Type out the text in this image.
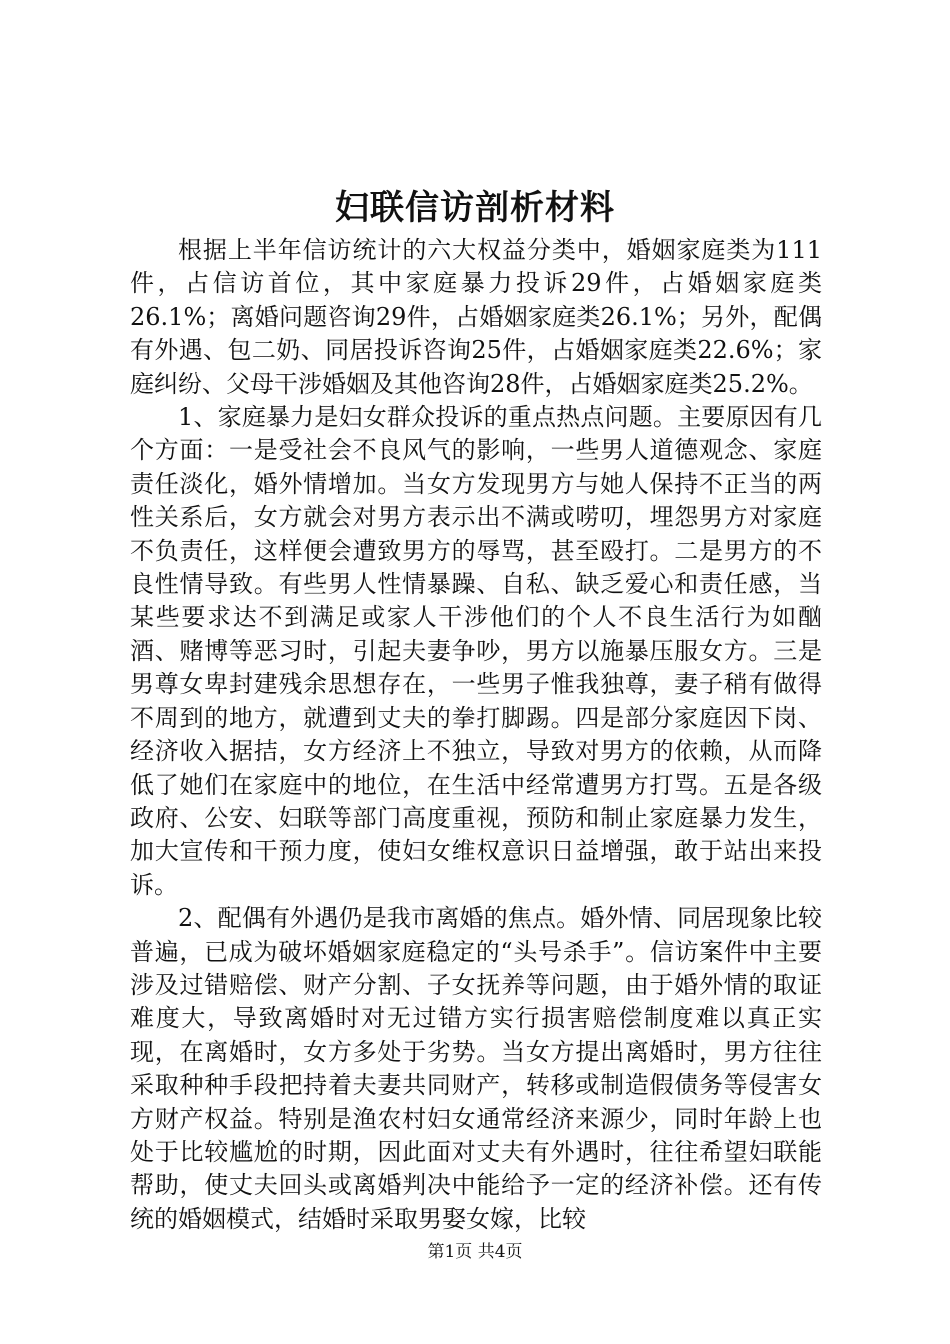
妇联信访剖析材料

根据上半年信访统计的六大权益分类中，婚姻家庭类为111件，占信访首位，其中家庭暴力投诉29件，占婚姻家庭类26.1%；离婚问题咨询29件，占婚姻家庭类26.1%；另外，配偶有外遇、包二奶、同居投诉咨询25件，占婚姻家庭类22.6%；家庭纠纷、父母干涉婚姻及其他咨询28件，占婚姻家庭类25.2%。

1、家庭暴力是妇女群众投诉的重点热点问题。主要原因有几个方面：一是受社会不良风气的影响，一些男人道德观念、家庭责任淡化，婚外情增加。当女方发现男方与她人保持不正当的两性关系后，女方就会对男方表示出不满或唠叨，埋怨男方对家庭不负责任，这样便会遭致男方的辱骂，甚至殴打。二是男方的不良性情导致。有些男人性情暴躁、自私、缺乏爱心和责任感，当某些要求达不到满足或家人干涉他们的个人不良生活行为如酗酒、赌博等恶习时，引起夫妻争吵，男方以施暴压服女方。三是男尊女卑封建残余思想存在，一些男子惟我独尊，妻子稍有做得不周到的地方，就遭到丈夫的拳打脚踢。四是部分家庭因下岗、经济收入据拮，女方经济上不独立，导致对男方的依赖，从而降低了她们在家庭中的地位，在生活中经常遭男方打骂。五是各级政府、公安、妇联等部门高度重视，预防和制止家庭暴力发生，加大宣传和干预力度，使妇女维权意识日益增强，敢于站出来投诉。

2、配偶有外遇仍是我市离婚的焦点。婚外情、同居现象比较普遍，已成为破坏婚姻家庭稳定的“头号杀手”。信访案件中主要涉及过错赔偿、财产分割、子女抚养等问题，由于婚外情的取证难度大，导致离婚时对无过错方实行损害赔偿制度难以真正实现，在离婚时，女方多处于劣势。当女方提出离婚时，男方往往采取种种手段把持着夫妻共同财产，转移或制造假债务等侵害女方财产权益。特别是渔农村妇女通常经济来源少，同时年龄上也处于比较尴尬的时期，因此面对丈夫有外遇时，往往希望妇联能帮助，使丈夫回头或离婚判决中能给予一定的经济补偿。还有传统的婚姻模式，结婚时采取男娶女嫁，比较

第1页 共4页
